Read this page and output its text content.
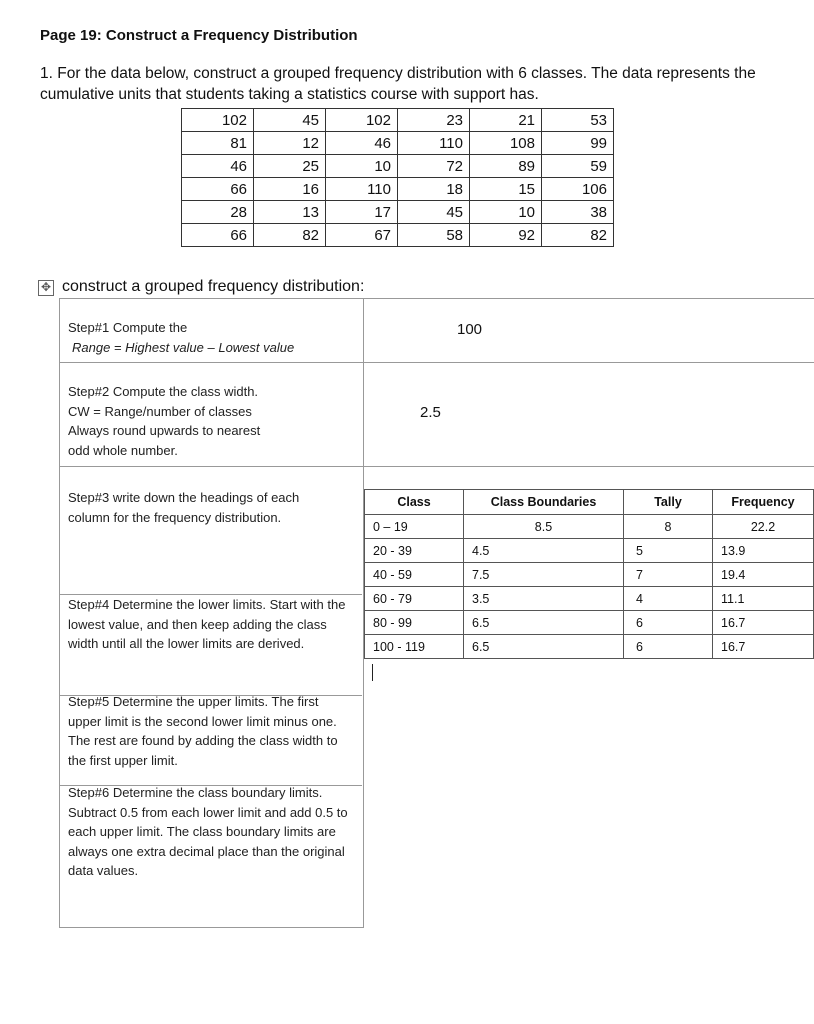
Page 19: Construct a Frequency Distribution
1. For the data below, construct a grouped frequency distribution with 6 classes. The data represents the cumulative units that students taking a statistics course with support has.
102	45	102	23	21	53
81	12	46	110	108	99
46	25	10	72	89	59
66	16	110	18	15	106
28	13	17	45	10	38
66	82	67	58	92	82
✥ construct a grouped frequency distribution:
Step#1 Compute the
Range = Highest value – Lowest value
100
Step#2 Compute the class width. CW = Range/number of classes Always round upwards to nearest odd whole number.
2.5
Step#3 write down the headings of each column for the frequency distribution.
Step#4 Determine the lower limits. Start with the lowest value, and then keep adding the class width until all the lower limits are derived.
Step#5 Determine the upper limits. The first upper limit is the second lower limit minus one. The rest are found by adding the class width to the first upper limit.
Step#6 Determine the class boundary limits. Subtract 0.5 from each lower limit and add 0.5 to each upper limit. The class boundary limits are always one extra decimal place than the original data values.
Class	Class Boundaries	Tally	Frequency
0 – 19	8.5	8	22.2
20 - 39	4.5	5	13.9
40 - 59	7.5	7	19.4
60 - 79	3.5	4	11.1
80 - 99	6.5	6	16.7
100 - 119	6.5	6	16.7
